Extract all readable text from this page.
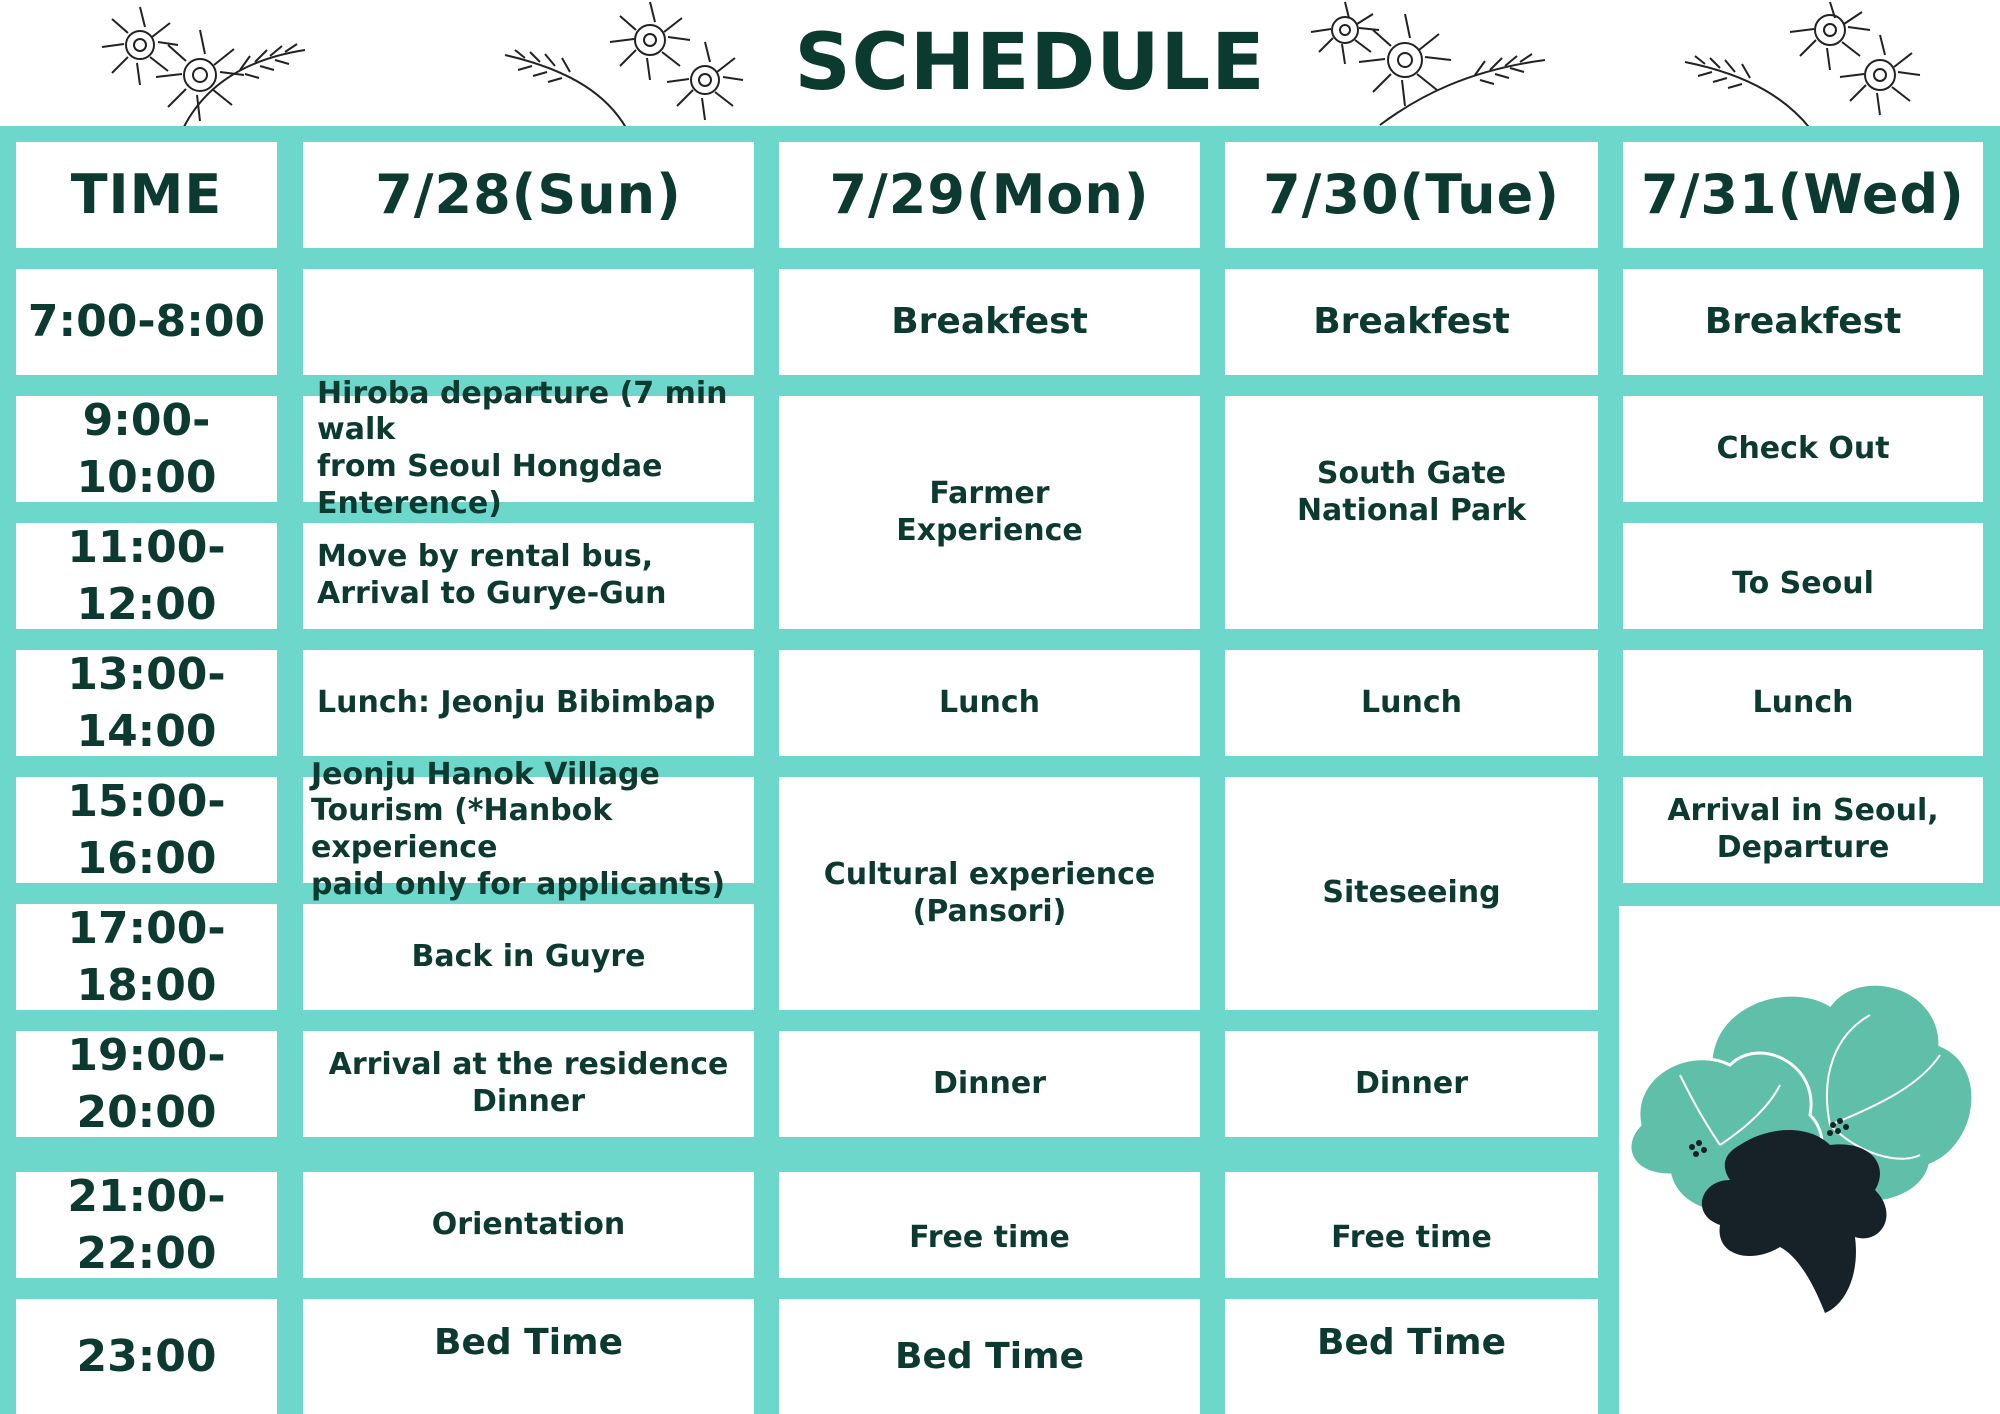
SCHEDULE
TIME	7/28(Sun)	7/29(Mon) 7/30(Tue) 7/31(Wed)
7:00-8:00
9:00-
10:00
11:00-
12:00
13:00-
14:00
15:00-
16:00
17:00-
18:00
19:00-
20:00
21:00-
22:00
23:00
Hiroba departure (7 min walk
from Seoul Hongdae
Enterence)
Move by rental bus,
Arrival to Gurye-Gun
Lunch: Jeonju Bibimbap
Jeonju Hanok Village
Tourism (*Hanbok experience
paid only for applicants)
Back in Guyre
Arrival at the residence
Dinner
Orientation
Bed Time
Breakfest
Farmer
Experience
Lunch
Cultural experience
(Pansori)
Dinner
Free time
Bed Time
Breakfest
South Gate
National Park
Lunch
Siteseeing
Dinner
Free time
Bed Time
Breakfest
Check Out
To Seoul
Lunch
Arrival in Seoul,
Departure
